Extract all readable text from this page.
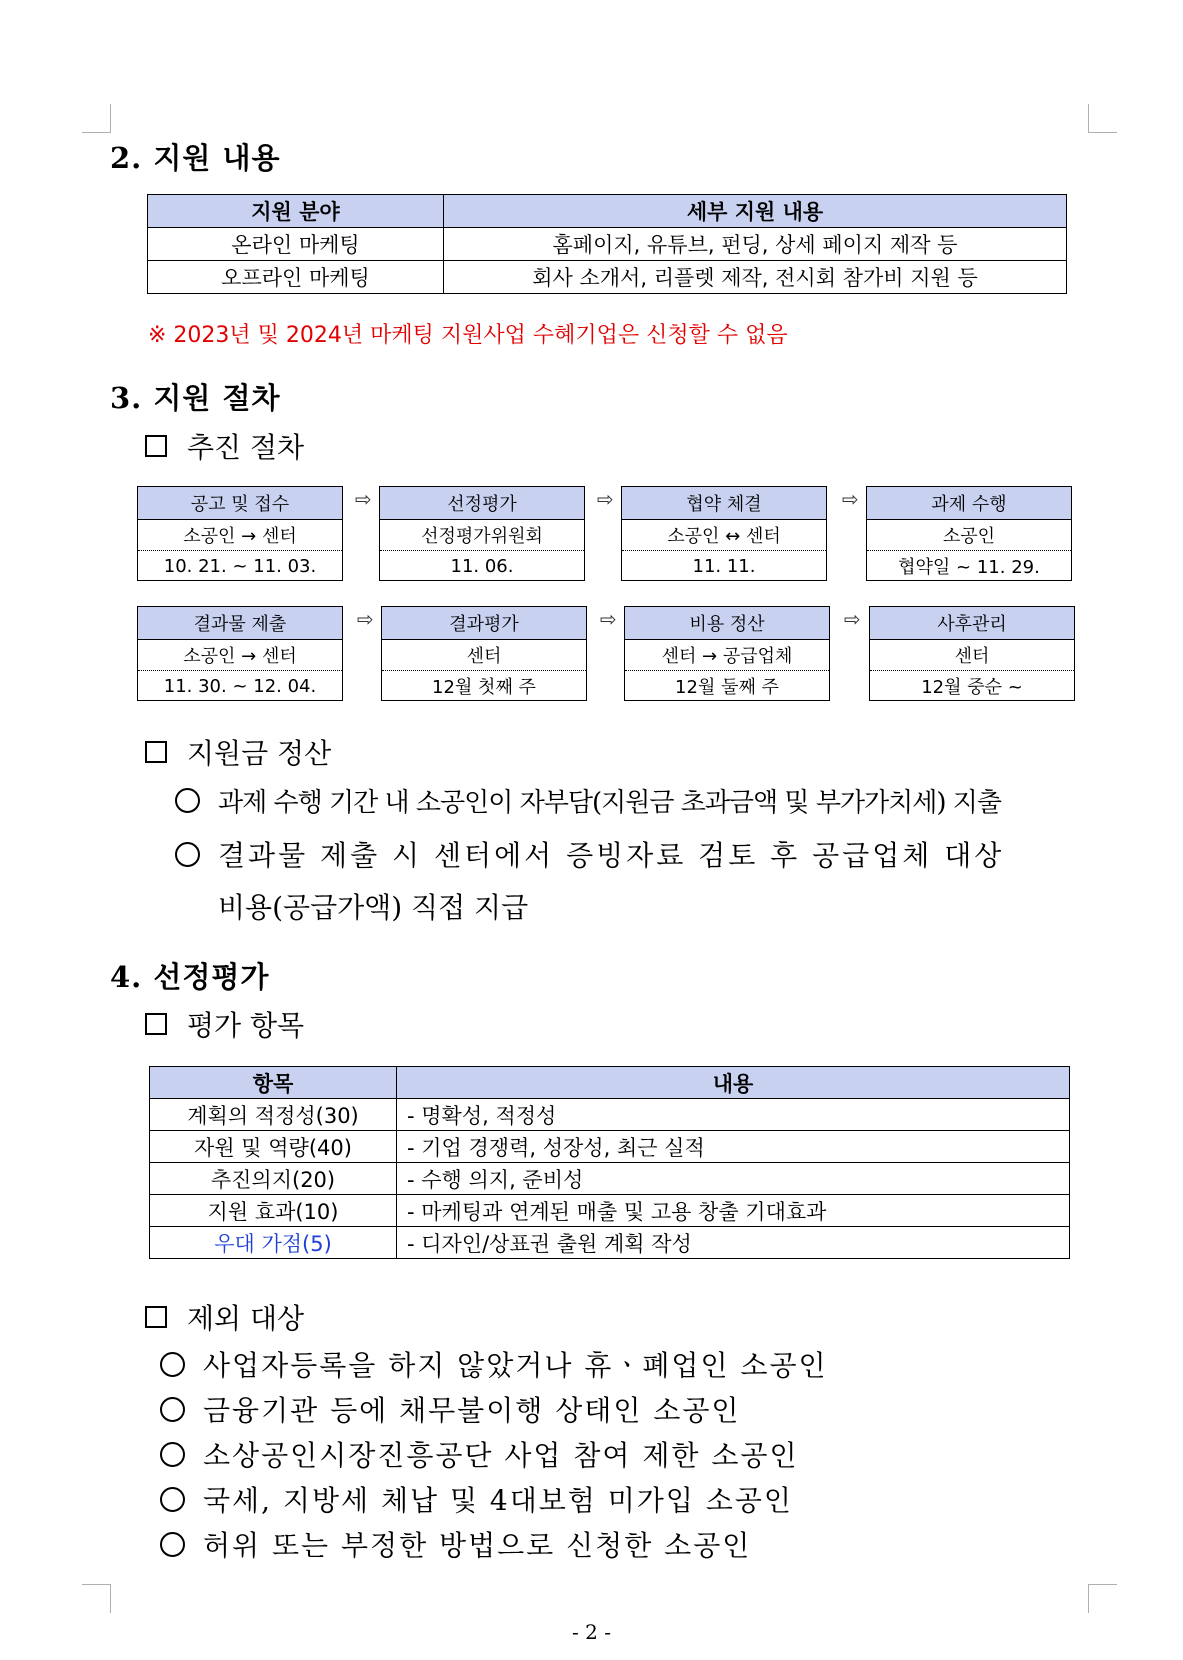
2. 지원 내용
지원 분야	세부 지원 내용
온라인 마케팅	홈페이지, 유튜브, 펀딩, 상세 페이지 제작 등
오프라인 마케팅	회사 소개서, 리플렛 제작, 전시회 참가비 지원 등
※ 2023년 및 2024년 마케팅 지원사업 수혜기업은 신청할 수 없음
3. 지원 절차
추진 절차
공고 및 접수
소공인 → 센터
10. 21. ~ 11. 03.
⇨	선정평가
선정평가위원회
11. 06.
⇨	협약 체결
소공인 ↔ 센터
11. 11.
⇨	과제 수행
소공인
협약일 ~ 11. 29.
결과물 제출
소공인 → 센터
11. 30. ~ 12. 04.
⇨	결과평가
센터
12월 첫째 주
⇨	비용 정산
센터 → 공급업체
12월 둘째 주
⇨	사후관리
센터
12월 중순 ~
지원금 정산
과제 수행 기간 내 소공인이 자부담(지원금 초과금액 및 부가가치세) 지출
결과물 제출 시 센터에서 증빙자료 검토 후 공급업체 대상
비용(공급가액) 직접 지급
4. 선정평가
평가 항목
항목	내용
계획의 적정성(30)	- 명확성, 적정성
자원 및 역량(40)	- 기업 경쟁력, 성장성, 최근 실적
추진의지(20)	- 수행 의지, 준비성
지원 효과(10)	- 마케팅과 연계된 매출 및 고용 창출 기대효과
우대 가점(5)	- 디자인/상표권 출원 계획 작성
제외 대상
사업자등록을 하지 않았거나 휴ㆍ폐업인 소공인
금융기관 등에 채무불이행 상태인 소공인
소상공인시장진흥공단 사업 참여 제한 소공인
국세, 지방세 체납 및 4대보험 미가입 소공인
허위 또는 부정한 방법으로 신청한 소공인
- 2 -
